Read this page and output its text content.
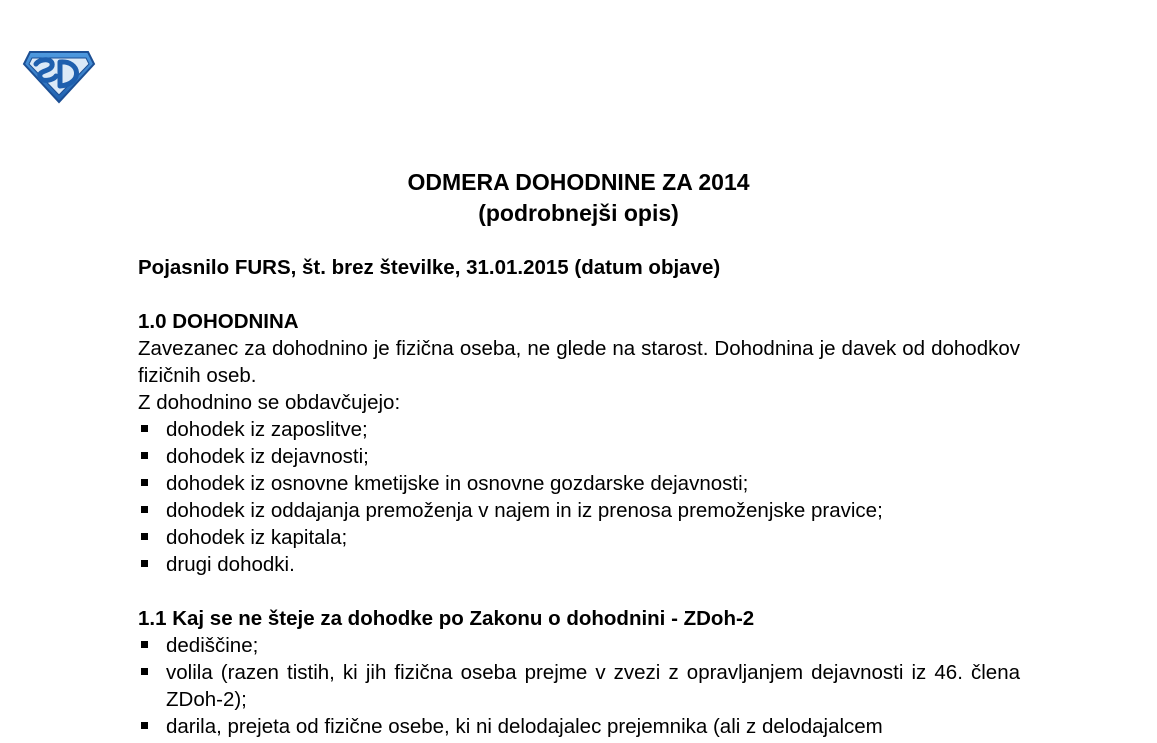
ODMERA DOHODNINE ZA 2014
(podrobnejši opis)

Pojasnilo FURS, št. brez številke, 31.01.2015 (datum objave)

1.0 DOHODNINA

Zavezanec za dohodnino je fizična oseba, ne glede na starost. Dohodnina je davek od dohodkov fizičnih oseb.

Z dohodnino se obdavčujejo:

dohodek iz zaposlitve;
dohodek iz dejavnosti;
dohodek iz osnovne kmetijske in osnovne gozdarske dejavnosti;
dohodek iz oddajanja premoženja v najem in iz prenosa premoženjske pravice;
dohodek iz kapitala;
drugi dohodki.

1.1 Kaj se ne šteje za dohodke po Zakonu o dohodnini - ZDoh-2

dediščine;
volila (razen tistih, ki jih fizična oseba prejme v zvezi z opravljanjem dejavnosti iz 46. člena ZDoh-2);
darila, prejeta od fizične osebe, ki ni delodajalec prejemnika (ali z delodajalcem
